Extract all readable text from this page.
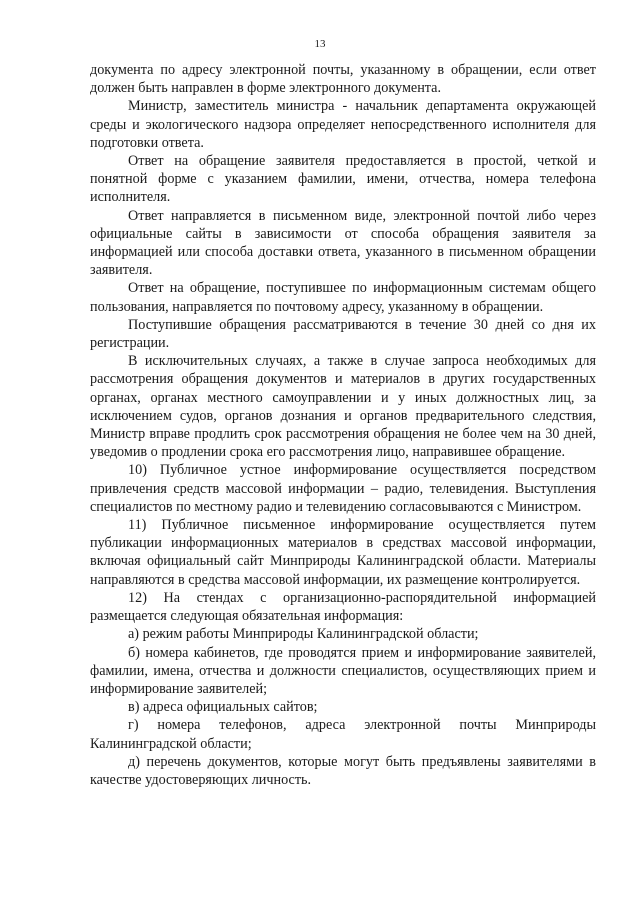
13

документа по адресу электронной почты, указанному в обращении, если ответ должен быть направлен в форме электронного документа.

Министр, заместитель министра - начальник департамента окружающей среды и экологического надзора определяет непосредственного исполнителя для подготовки ответа.

Ответ на обращение заявителя предоставляется в простой, четкой и понятной форме с указанием фамилии, имени, отчества, номера телефона исполнителя.

Ответ направляется в письменном виде, электронной почтой либо через официальные сайты в зависимости от способа обращения заявителя за информацией или способа доставки ответа, указанного в письменном обращении заявителя.

Ответ на обращение, поступившее по информационным системам общего пользования, направляется по почтовому адресу, указанному в обращении.

Поступившие обращения рассматриваются в течение 30 дней со дня их регистрации.

В исключительных случаях, а также в случае запроса необходимых для рассмотрения обращения документов и материалов в других государственных органах, органах местного самоуправлении и у иных должностных лиц, за исключением судов, органов дознания и органов предварительного следствия, Министр вправе продлить срок рассмотрения обращения не более чем на 30 дней, уведомив о продлении срока его рассмотрения лицо, направившее обращение.

10) Публичное устное информирование осуществляется посредством привлечения средств массовой информации – радио, телевидения. Выступления специалистов по местному радио и телевидению согласовываются с Министром.

11) Публичное письменное информирование осуществляется путем публикации информационных материалов в средствах массовой информации, включая официальный сайт Минприроды Калининградской области. Материалы направляются в средства массовой информации, их размещение контролируется.

12) На стендах с организационно-распорядительной информацией размещается следующая обязательная информация:

а) режим работы Минприроды Калининградской области;

б) номера кабинетов, где проводятся прием и информирование заявителей, фамилии, имена, отчества и должности специалистов, осуществляющих прием и информирование заявителей;

в) адреса официальных сайтов;

г) номера телефонов, адреса электронной почты Минприроды Калининградской области;

д) перечень документов, которые могут быть предъявлены заявителями в качестве удостоверяющих личность.
